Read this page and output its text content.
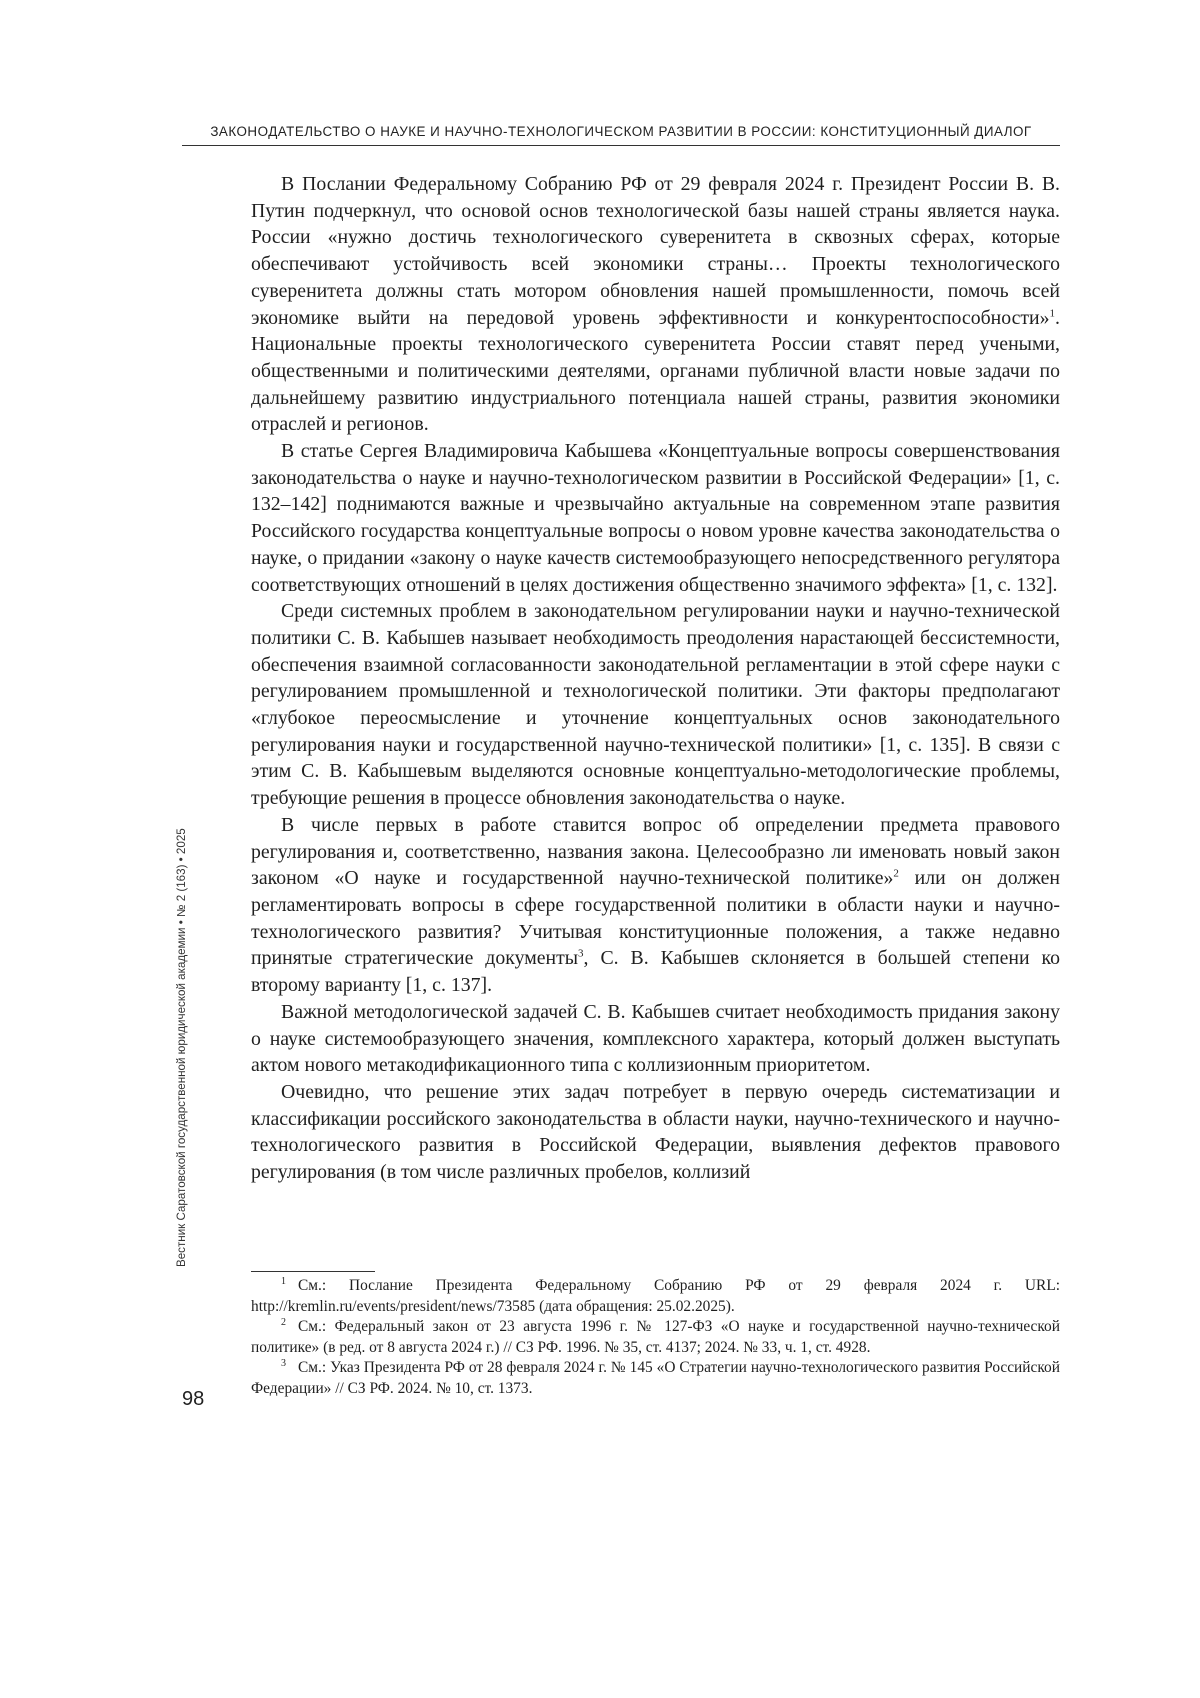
ЗАКОНОДАТЕЛЬСТВО О НАУКЕ И НАУЧНО-ТЕХНОЛОГИЧЕСКОМ РАЗВИТИИ В РОССИИ: КОНСТИТУЦИОННЫЙ ДИАЛОГ
Вестник Саратовской государственной юридической академии • № 2 (163) • 2025
98

В Послании Федеральному Собранию РФ от 29 февраля 2024 г. Президент России В. В. Путин подчеркнул, что основой основ технологической базы нашей страны является наука. России «нужно достичь технологического суверенитета в сквозных сферах, которые обеспечивают устойчивость всей экономики страны… Проекты технологического суверенитета должны стать мотором обновления нашей промышленности, помочь всей экономике выйти на передовой уровень эффективности и конкурентоспособности»$^1$. Национальные проекты технологического суверенитета России ставят перед учеными, общественными и политическими деятелями, органами публичной власти новые задачи по дальнейшему развитию индустриального потенциала нашей страны, развития экономики отраслей и регионов.

В статье Сергея Владимировича Кабышева «Концептуальные вопросы совершенствования законодательства о науке и научно-технологическом развитии в Российской Федерации» [1, с. 132–142] поднимаются важные и чрезвычайно актуальные на современном этапе развития Российского государства концептуальные вопросы о новом уровне качества законодательства о науке, о придании «закону о науке качеств системообразующего непосредственного регулятора соответствующих отношений в целях достижения общественно значимого эффекта» [1, с. 132].

Среди системных проблем в законодательном регулировании науки и научно-технической политики С. В. Кабышев называет необходимость преодоления нарастающей бессистемности, обеспечения взаимной согласованности законодательной регламентации в этой сфере науки с регулированием промышленной и технологической политики. Эти факторы предполагают «глубокое переосмысление и уточнение концептуальных основ законодательного регулирования науки и государственной научно-технической политики» [1, с. 135]. В связи с этим С. В. Кабышевым выделяются основные концептуально-методологические проблемы, требующие решения в процессе обновления законодательства о науке.

В числе первых в работе ставится вопрос об определении предмета правового регулирования и, соответственно, названия закона. Целесообразно ли именовать новый закон законом «О науке и государственной научно-технической политике»$^2$ или он должен регламентировать вопросы в сфере государственной политики в области науки и научно-технологического развития? Учитывая конституционные положения, а также недавно принятые стратегические документы$^3$, С. В. Кабышев склоняется в большей степени ко второму варианту [1, с. 137].

Важной методологической задачей С. В. Кабышев считает необходимость придания закону о науке системообразующего значения, комплексного характера, который должен выступать актом нового метакодификационного типа с коллизионным приоритетом.

Очевидно, что решение этих задач потребует в первую очередь систематизации и классификации российского законодательства в области науки, научно-технического и научно-технологического развития в Российской Федерации, выявления дефектов правового регулирования (в том числе различных пробелов, коллизий

$^1$ См.: Послание Президента Федеральному Собранию РФ от 29 февраля 2024 г. URL: http://kremlin.ru/events/president/news/73585 (дата обращения: 25.02.2025).

$^2$ См.: Федеральный закон от 23 августа 1996 г. № 127-ФЗ «О науке и государственной научно-технической политике» (в ред. от 8 августа 2024 г.) // СЗ РФ. 1996. № 35, ст. 4137; 2024. № 33, ч. 1, ст. 4928.

$^3$ См.: Указ Президента РФ от 28 февраля 2024 г. № 145 «О Стратегии научно-технологического развития Российской Федерации» // СЗ РФ. 2024. № 10, ст. 1373.
